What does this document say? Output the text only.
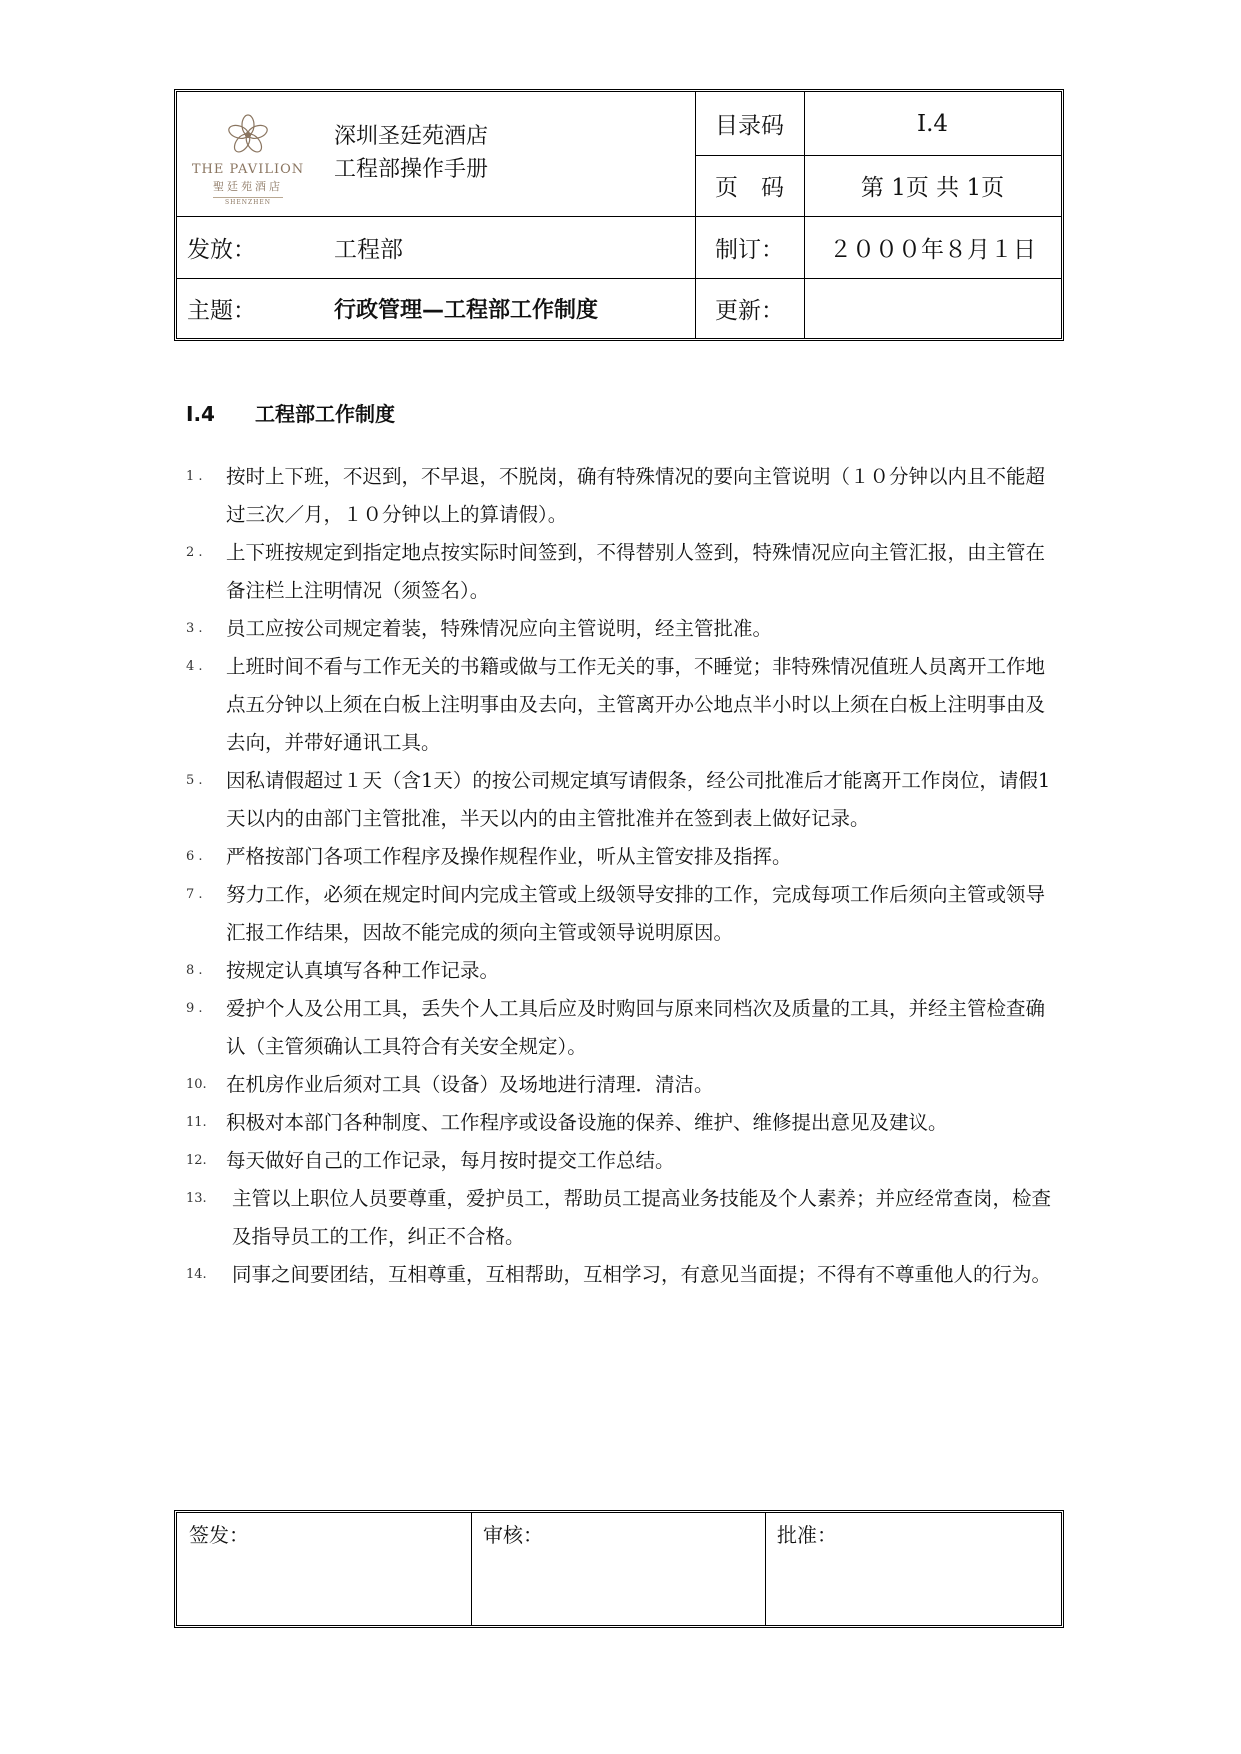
THE PAVILION
聖廷苑酒店
SHENZHEN
深圳圣廷苑酒店
工程部操作手册
目录码	I.4
页　码	第 1页 共 1页
发放：	工程部	制订：	２０００年８月１日
主题：	行政管理—工程部工作制度	更新：
I.4 工程部工作制度
1 .	按时上下班，不迟到，不早退，不脱岗，确有特殊情况的要向主管说明（１０分钟以内且不能超过三次／月，１０分钟以上的算请假）。
2 .	上下班按规定到指定地点按实际时间签到，不得替别人签到，特殊情况应向主管汇报，由主管在备注栏上注明情况（须签名）。
3 .	员工应按公司规定着装，特殊情况应向主管说明，经主管批准。
4 .	上班时间不看与工作无关的书籍或做与工作无关的事，不睡觉；非特殊情况值班人员离开工作地点五分钟以上须在白板上注明事由及去向，主管离开办公地点半小时以上须在白板上注明事由及去向，并带好通讯工具。
5 .	因私请假超过１天（含1天）的按公司规定填写请假条，经公司批准后才能离开工作岗位，请假1天以内的由部门主管批准，半天以内的由主管批准并在签到表上做好记录。
6 .	严格按部门各项工作程序及操作规程作业，听从主管安排及指挥。
7 .	努力工作，必须在规定时间内完成主管或上级领导安排的工作，完成每项工作后须向主管或领导汇报工作结果，因故不能完成的须向主管或领导说明原因。
8 .	按规定认真填写各种工作记录。
9 .	爱护个人及公用工具，丢失个人工具后应及时购回与原来同档次及质量的工具，并经主管检查确认（主管须确认工具符合有关安全规定）。
10. 在机房作业后须对工具（设备）及场地进行清理．清洁。
11. 积极对本部门各种制度、工作程序或设备设施的保养、维护、维修提出意见及建议。
12. 每天做好自己的工作记录，每月按时提交工作总结。
13.	主管以上职位人员要尊重，爱护员工，帮助员工提高业务技能及个人素养；并应经常查岗，检查及指导员工的工作，纠正不合格。
14.	同事之间要团结，互相尊重，互相帮助，互相学习，有意见当面提；不得有不尊重他人的行为。
签发：	审核：	批准：
